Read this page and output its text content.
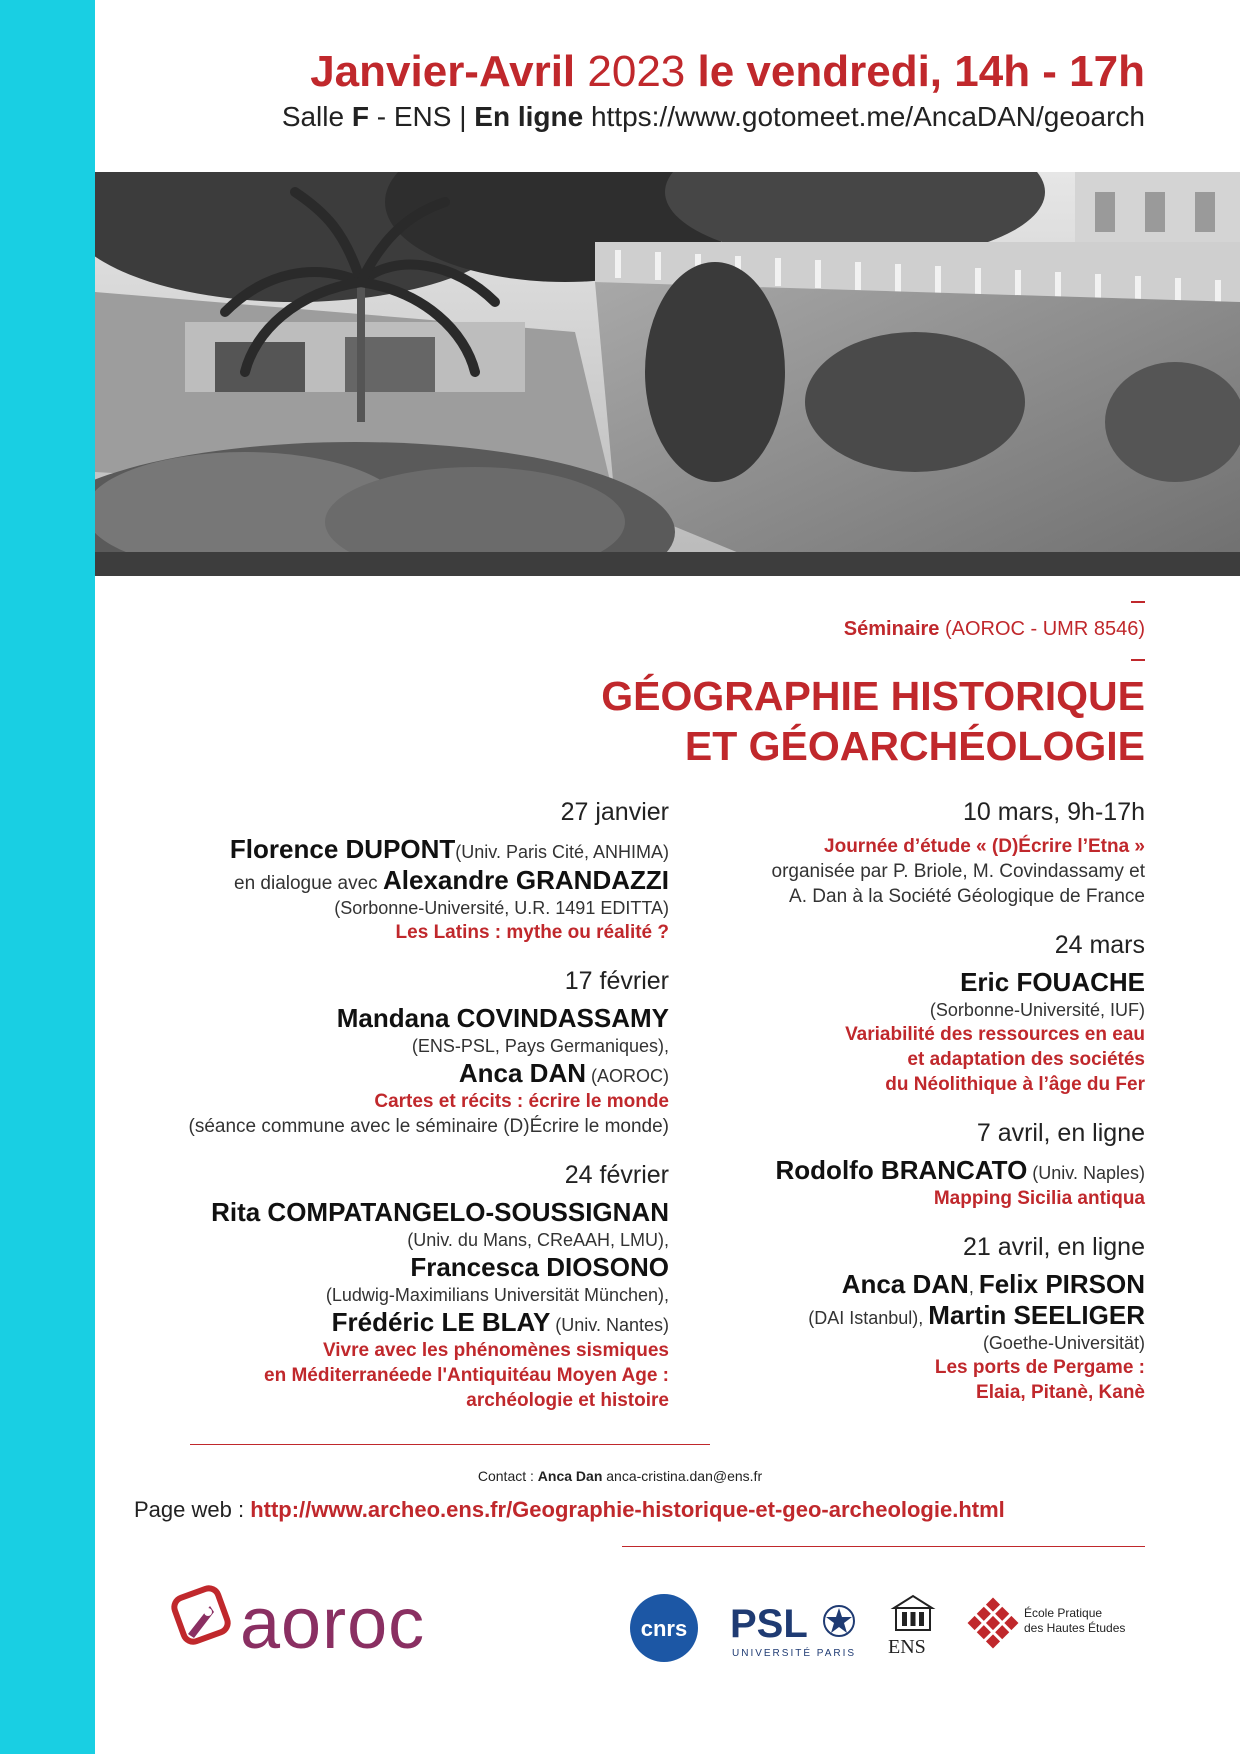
Janvier-Avril 2023 le vendredi, 14h - 17h
Salle F - ENS | En ligne https://www.gotomeet.me/AncaDAN/geoarch
Séminaire (AOROC - UMR 8546)
GÉOGRAPHIE HISTORIQUE
ET GÉOARCHÉOLOGIE
27 janvier
Florence DUPONT(Univ. Paris Cité, ANHIMA)
en dialogue avec Alexandre GRANDAZZI
(Sorbonne-Université, U.R. 1491 EDITTA)
Les Latins : mythe ou réalité ?
17 février
Mandana COVINDASSAMY
(ENS-PSL, Pays Germaniques),
Anca DAN (AOROC)
Cartes et récits : écrire le monde
(séance commune avec le séminaire (D)Écrire le monde)
24 février
Rita COMPATANGELO-SOUSSIGNAN
(Univ. du Mans, CReAAH, LMU),
Francesca DIOSONO
(Ludwig-Maximilians Universität München),
Frédéric LE BLAY (Univ. Nantes)
Vivre avec les phénomènes sismiques
en Méditerranéede l'Antiquitéau Moyen Age :
archéologie et histoire
10 mars, 9h-17h
Journée d’étude « (D)Écrire l’Etna »
organisée par P. Briole, M. Covindassamy et
A. Dan à la Société Géologique de France
24 mars
Eric FOUACHE
(Sorbonne-Université, IUF)
Variabilité des ressources en eau
et adaptation des sociétés
du Néolithique à l’âge du Fer
7 avril, en ligne
Rodolfo BRANCATO (Univ. Naples)
Mapping Sicilia antiqua
21 avril, en ligne
Anca DAN, Felix PIRSON
(DAI Istanbul), Martin SEELIGER
(Goethe-Universität)
Les ports de Pergame :
Elaia, Pitanè, Kanè
Contact : Anca Dan anca-cristina.dan@ens.fr
Page web : http://www.archeo.ens.fr/Geographie-historique-et-geo-archeologie.html
aoroc	cnrs PSL
UNIVERSITÉ PARIS ENS
École Pratique
des Hautes Études
